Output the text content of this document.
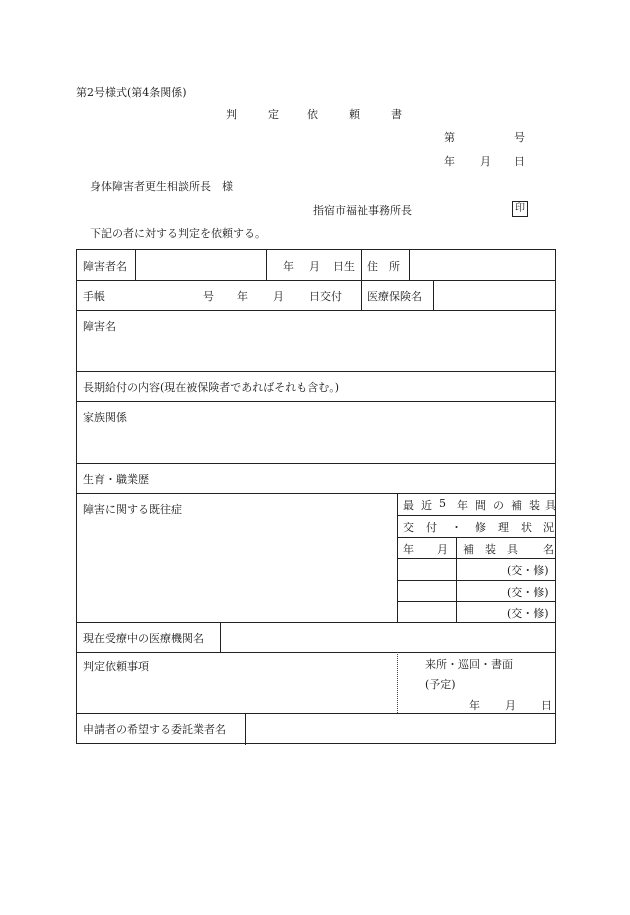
第2号様式(第4条関係)
判	定	依	頼	書
第	号
年 月 日
身体障害者更生相談所長　様
指宿市福祉事務所長	印
下記の者に対する判定を依頼する。
障害者名	年 月 日生 住　所
手帳	号 年 月 日交付 医療保険名
障害名
長期給付の内容(現在被保険者であればそれも含む。)
家族関係
生育・職業歴
障害に関する既往症	最 近 5 年 間 の 補 装 具
交 付 ・ 修 理 状 況
年 月 補 装 具 名
(交・修)
(交・修)
(交・修)
現在受療中の医療機関名
判定依頼事項	来所・巡回・書面
(予定)
年 月 日
申請者の希望する委託業者名
